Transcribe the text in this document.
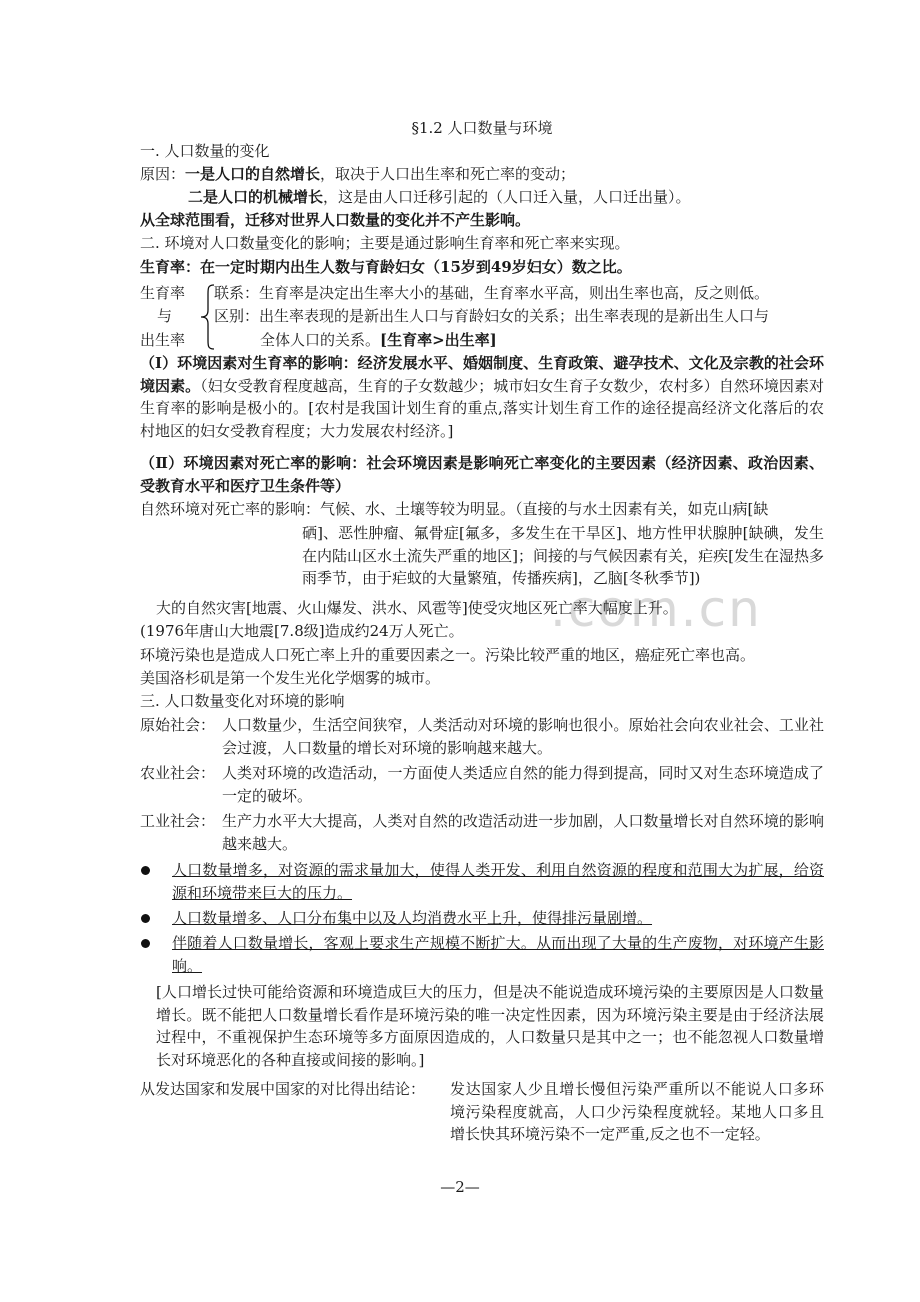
.com.cn
§1.2 人口数量与环境
一. 人口数量的变化
原因：一是人口的自然增长，取决于人口出生率和死亡率的变动；
二是人口的机械增长，这是由人口迁移引起的（人口迁入量，人口迁出量）。
从全球范围看，迁移对世界人口数量的变化并不产生影响。
二. 环境对人口数量变化的影响；主要是通过影响生育率和死亡率来实现。
生育率：在一定时期内出生人数与育龄妇女（15岁到49岁妇女）数之比。
生育率
与
出生率
联系：生育率是决定出生率大小的基础，生育率水平高，则出生率也高，反之则低。
区别：出生率表现的是新出生人口与育龄妇女的关系；出生率表现的是新出生人口与
全体人口的关系。[生育率>出生率]
（Ⅰ）环境因素对生育率的影响：经济发展水平、婚姻制度、生育政策、避孕技术、文化及宗教的社会环境因素。（妇女受教育程度越高，生育的子女数越少；城市妇女生育子女数少，农村多）自然环境因素对生育率的影响是极小的。[农村是我国计划生育的重点,落实计划生育工作的途径提高经济文化落后的农村地区的妇女受教育程度；大力发展农村经济。]
（Ⅱ）环境因素对死亡率的影响：社会环境因素是影响死亡率变化的主要因素（经济因素、政治因素、受教育水平和医疗卫生条件等）
自然环境对死亡率的影响：气候、水、土壤等较为明显。（直接的与水土因素有关，如克山病[缺
硒]、恶性肿瘤、氟骨症[氟多，多发生在干旱区]、地方性甲状腺肿[缺碘，发生在内陆山区水土流失严重的地区]；间接的与气候因素有关，疟疾[发生在湿热多雨季节，由于疟蚊的大量繁殖，传播疾病]，乙脑[冬秋季节])
大的自然灾害[地震、火山爆发、洪水、风雹等]使受灾地区死亡率大幅度上升。
(1976年唐山大地震[7.8级]造成约24万人死亡。
环境污染也是造成人口死亡率上升的重要因素之一。污染比较严重的地区，癌症死亡率也高。
美国洛杉矶是第一个发生光化学烟雾的城市。
三. 人口数量变化对环境的影响
原始社会： 人口数量少，生活空间狭窄，人类活动对环境的影响也很小。原始社会向农业社会、工业社会过渡，人口数量的增长对环境的影响越来越大。
农业社会： 人类对环境的改造活动，一方面使人类适应自然的能力得到提高，同时又对生态环境造成了一定的破坏。
工业社会： 生产力水平大大提高，人类对自然的改造活动进一步加剧，人口数量增长对自然环境的影响越来越大。
人口数量增多，对资源的需求量加大，使得人类开发、利用自然资源的程度和范围大为扩展，给资源和环境带来巨大的压力。
人口数量增多、人口分布集中以及人均消费水平上升，使得排污量剧增。
伴随着人口数量增长，客观上要求生产规模不断扩大。从而出现了大量的生产废物，对环境产生影响。
[人口增长过快可能给资源和环境造成巨大的压力，但是决不能说造成环境污染的主要原因是人口数量增长。既不能把人口数量增长看作是环境污染的唯一决定性因素，因为环境污染主要是由于经济法展过程中，不重视保护生态环境等多方面原因造成的，人口数量只是其中之一；也不能忽视人口数量增长对环境恶化的各种直接或间接的影响。]
从发达国家和发展中国家的对比得出结论：	发达国家人少且增长慢但污染严重所以不能说人口多环境污染程度就高，人口少污染程度就轻。某地人口多且增长快其环境污染不一定严重,反之也不一定轻。
—2—
